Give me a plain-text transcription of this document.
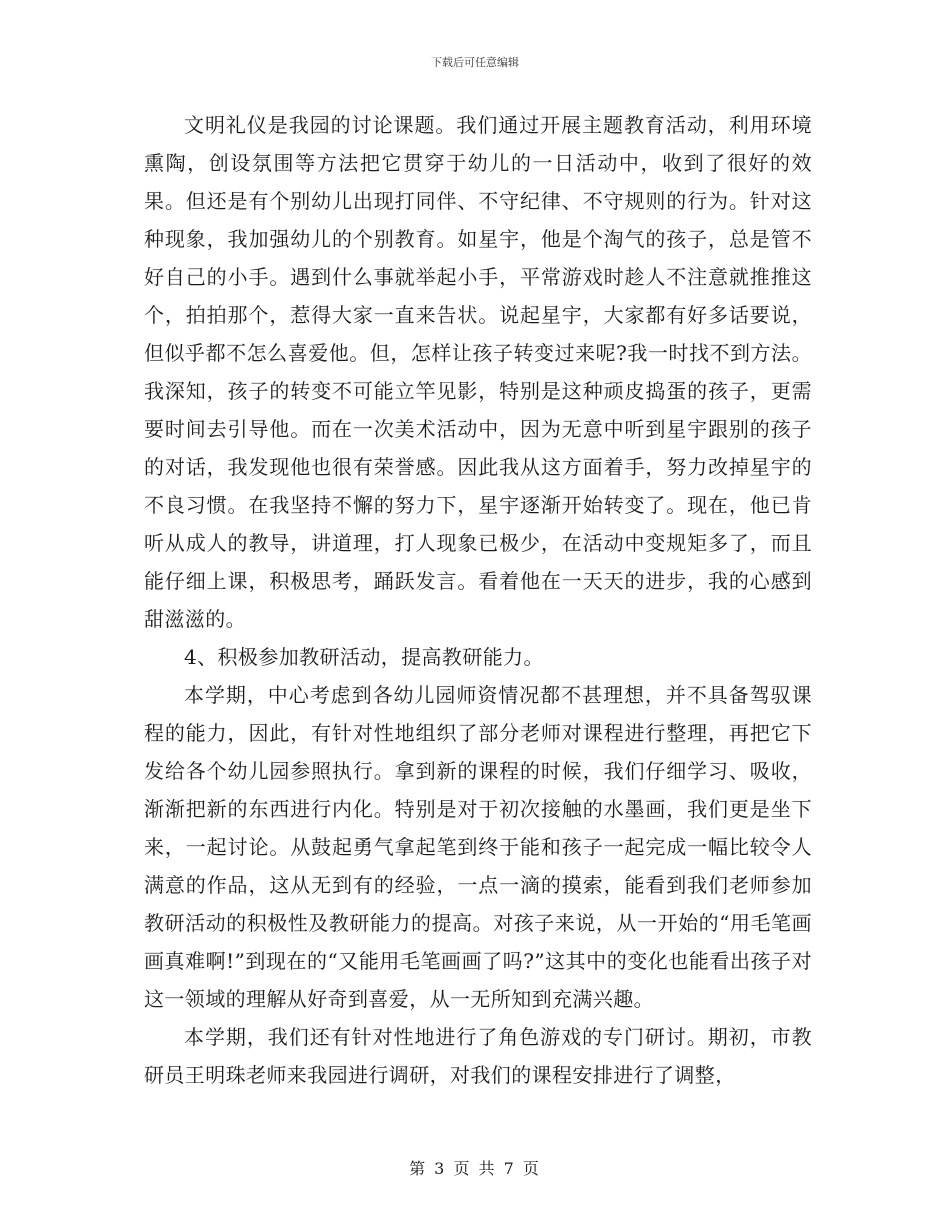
下载后可任意编辑

文明礼仪是我园的讨论课题。我们通过开展主题教育活动，利用环境熏陶，创设氛围等方法把它贯穿于幼儿的一日活动中，收到了很好的效果。但还是有个别幼儿出现打同伴、不守纪律、不守规则的行为。针对这种现象，我加强幼儿的个别教育。如星宇，他是个淘气的孩子，总是管不好自己的小手。遇到什么事就举起小手，平常游戏时趁人不注意就推推这个，拍拍那个，惹得大家一直来告状。说起星宇，大家都有好多话要说，但似乎都不怎么喜爱他。但，怎样让孩子转变过来呢?我一时找不到方法。我深知，孩子的转变不可能立竿见影，特别是这种顽皮捣蛋的孩子，更需要时间去引导他。而在一次美术活动中，因为无意中听到星宇跟别的孩子的对话，我发现他也很有荣誉感。因此我从这方面着手，努力改掉星宇的不良习惯。在我坚持不懈的努力下，星宇逐渐开始转变了。现在，他已肯听从成人的教导，讲道理，打人现象已极少，在活动中变规矩多了，而且能仔细上课，积极思考，踊跃发言。看着他在一天天的进步，我的心感到甜滋滋的。

4、积极参加教研活动，提高教研能力。

本学期，中心考虑到各幼儿园师资情况都不甚理想，并不具备驾驭课程的能力，因此，有针对性地组织了部分老师对课程进行整理，再把它下发给各个幼儿园参照执行。拿到新的课程的时候，我们仔细学习、吸收，渐渐把新的东西进行内化。特别是对于初次接触的水墨画，我们更是坐下来，一起讨论。从鼓起勇气拿起笔到终于能和孩子一起完成一幅比较令人满意的作品，这从无到有的经验，一点一滴的摸索，能看到我们老师参加教研活动的积极性及教研能力的提高。对孩子来说，从一开始的“用毛笔画画真难啊!”到现在的“又能用毛笔画画了吗?”这其中的变化也能看出孩子对这一领域的理解从好奇到喜爱，从一无所知到充满兴趣。

本学期，我们还有针对性地进行了角色游戏的专门研讨。期初，市教研员王明珠老师来我园进行调研，对我们的课程安排进行了调整，

第 3 页 共 7 页
